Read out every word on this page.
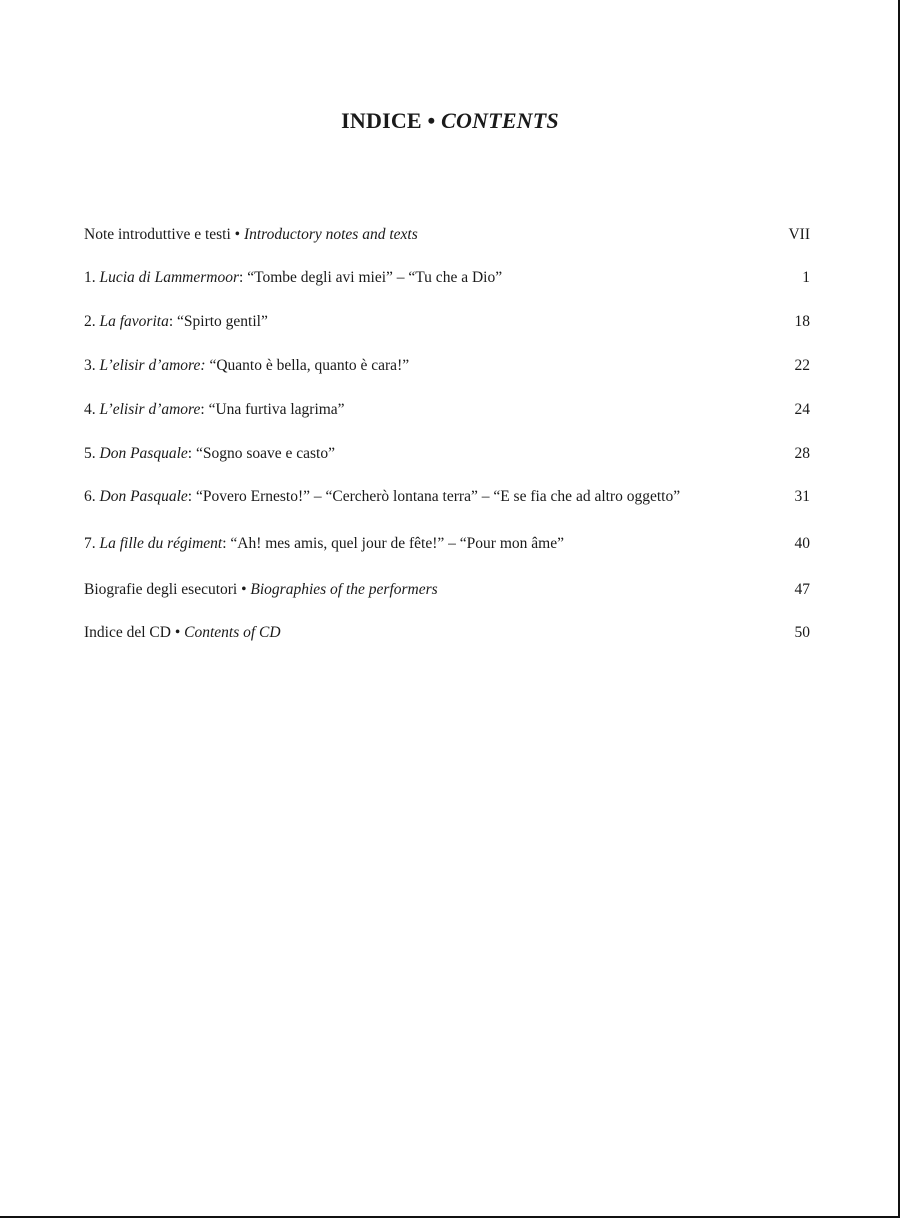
INDICE • CONTENTS
Note introduttive e testi • Introductory notes and texts	VII
1. Lucia di Lammermoor: “Tombe degli avi miei” – “Tu che a Dio”	1
2. La favorita: “Spirto gentil”	18
3. L’elisir d’amore: “Quanto è bella, quanto è cara!”	22
4. L’elisir d’amore: “Una furtiva lagrima”	24
5. Don Pasquale: “Sogno soave e casto”	28
6. Don Pasquale: “Povero Ernesto!” – “Cercherò lontana terra” – “E se fia che ad altro oggetto”	31
7. La fille du régiment: “Ah! mes amis, quel jour de fête!” – “Pour mon âme”	40
Biografie degli esecutori • Biographies of the performers	47
Indice del CD • Contents of CD	50
